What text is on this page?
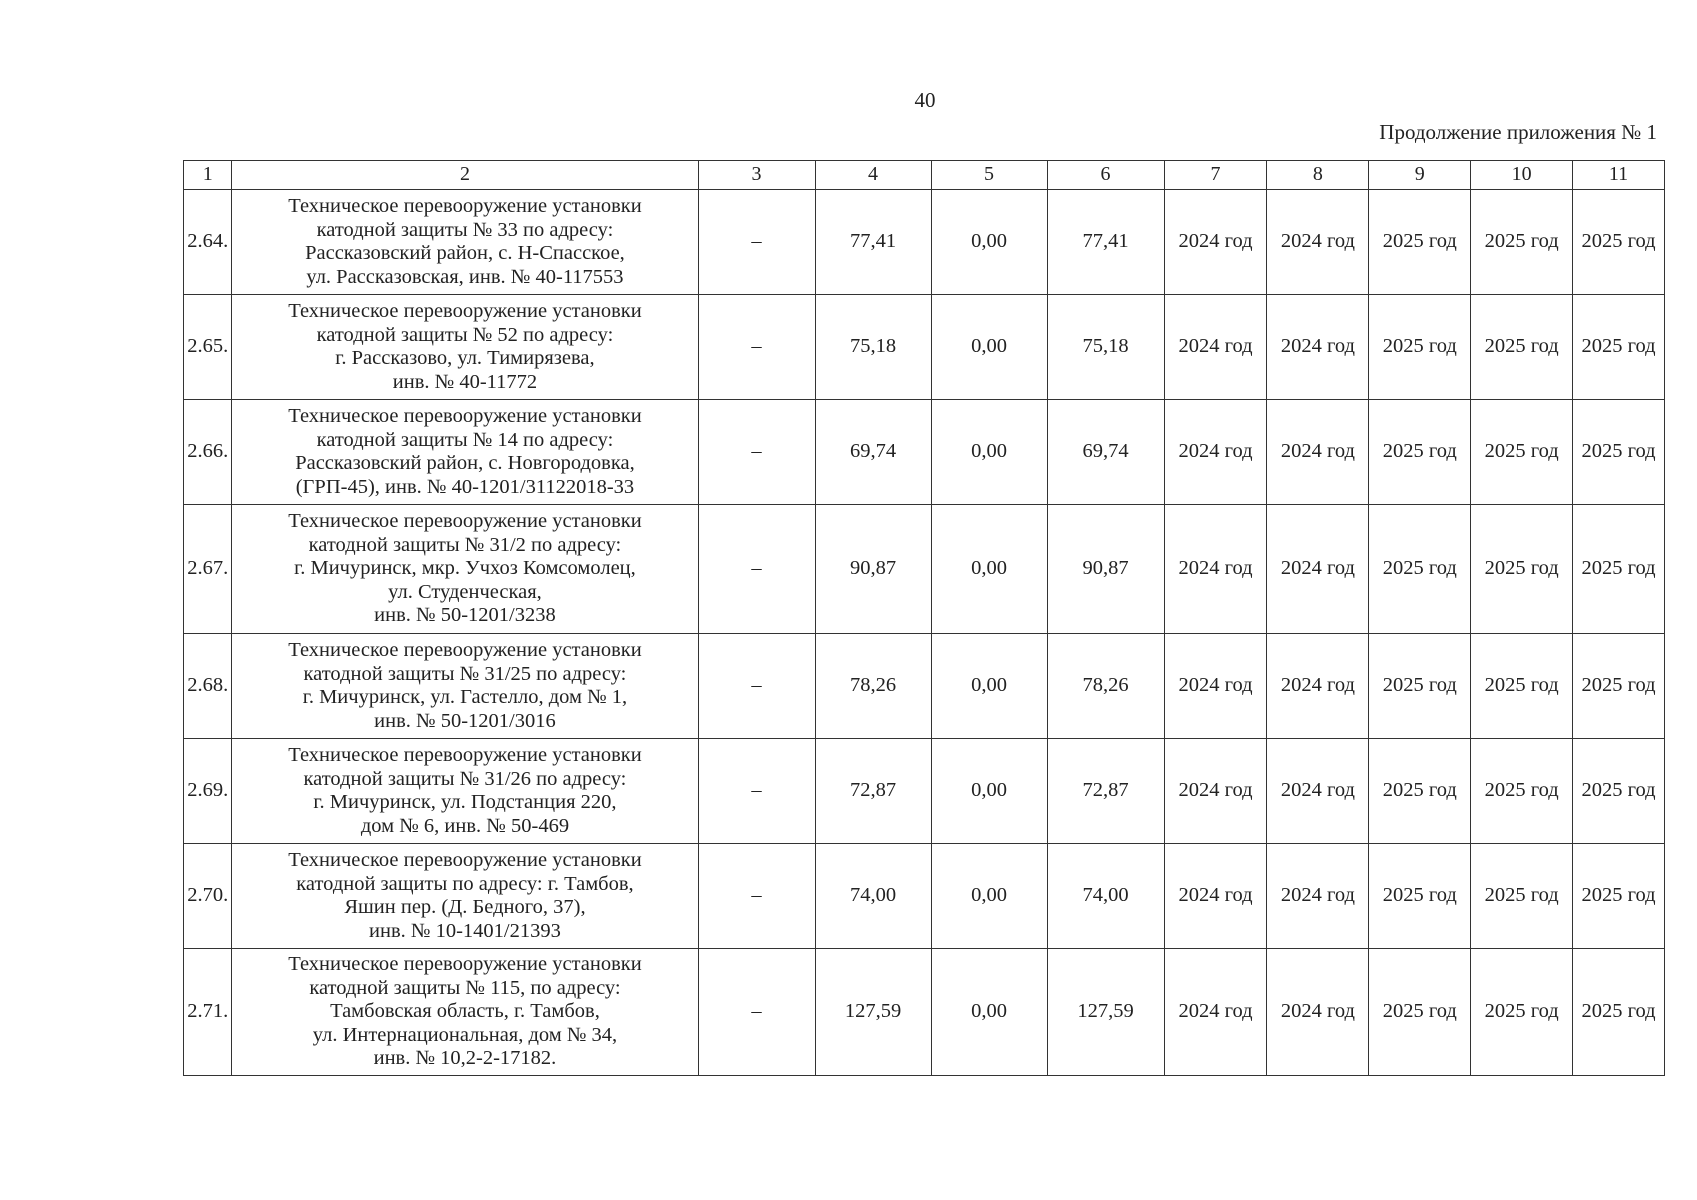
40
Продолжение приложения № 1
1	2	3	4	5	6	7	8	9	10	11
2.64.	Техническое перевооружение установки
катодной защиты № 33 по адресу:
Рассказовский район, с. Н-Спасское,
ул. Рассказовская, инв. № 40-117553	–	77,41	0,00	77,41	2024 год	2024 год	2025 год	2025 год	2025 год
2.65.	Техническое перевооружение установки
катодной защиты № 52 по адресу:
г. Рассказово, ул. Тимирязева,
инв. № 40-11772	–	75,18	0,00	75,18	2024 год	2024 год	2025 год	2025 год	2025 год
2.66.	Техническое перевооружение установки
катодной защиты № 14 по адресу:
Рассказовский район, с. Новгородовка,
(ГРП-45), инв. № 40-1201/31122018-33	–	69,74	0,00	69,74	2024 год	2024 год	2025 год	2025 год	2025 год
2.67.	Техническое перевооружение установки
катодной защиты № 31/2 по адресу:
г. Мичуринск, мкр. Учхоз Комсомолец,
ул. Студенческая,
инв. № 50-1201/3238	–	90,87	0,00	90,87	2024 год	2024 год	2025 год	2025 год	2025 год
2.68.	Техническое перевооружение установки
катодной защиты № 31/25 по адресу:
г. Мичуринск, ул. Гастелло, дом № 1,
инв. № 50-1201/3016	–	78,26	0,00	78,26	2024 год	2024 год	2025 год	2025 год	2025 год
2.69.	Техническое перевооружение установки
катодной защиты № 31/26 по адресу:
г. Мичуринск, ул. Подстанция 220,
дом № 6, инв. № 50-469	–	72,87	0,00	72,87	2024 год	2024 год	2025 год	2025 год	2025 год
2.70.	Техническое перевооружение установки
катодной защиты по адресу: г. Тамбов,
Яшин пер. (Д. Бедного, 37),
инв. № 10-1401/21393	–	74,00	0,00	74,00	2024 год	2024 год	2025 год	2025 год	2025 год
2.71.	Техническое перевооружение установки
катодной защиты № 115, по адресу:
Тамбовская область, г. Тамбов,
ул. Интернациональная, дом № 34,
инв. № 10,2-2-17182.	–	127,59	0,00	127,59	2024 год	2024 год	2025 год	2025 год	2025 год
